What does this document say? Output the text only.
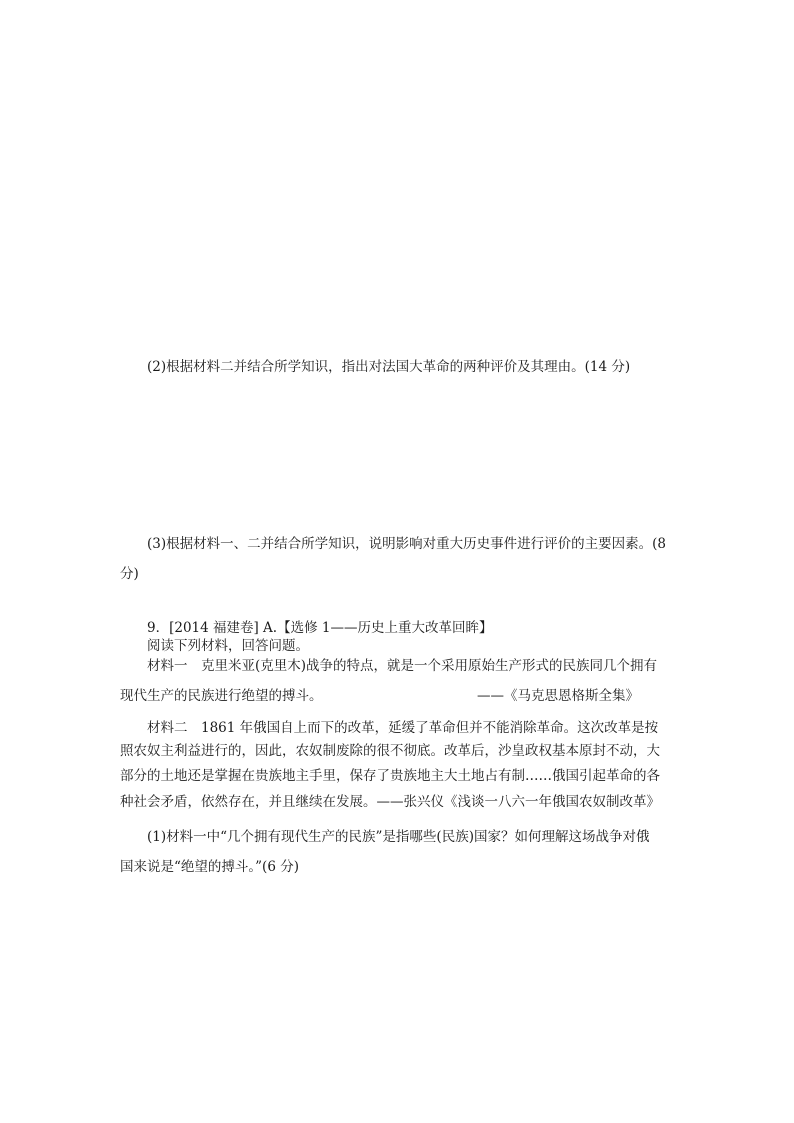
(2)根据材料二并结合所学知识，指出对法国大革命的两种评价及其理由。(14 分)
(3)根据材料一、二并结合所学知识，说明影响对重大历史事件进行评价的主要因素。(8
分)
9．[2014 福建卷] A.【选修 1——历史上重大改革回眸】
阅读下列材料，回答问题。
材料一　克里米亚(克里木)战争的特点，就是一个采用原始生产形式的民族同几个拥有
现代生产的民族进行绝望的搏斗。	——《马克思恩格斯全集》
材料二　1861 年俄国自上而下的改革，延缓了革命但并不能消除革命。这次改革是按
照农奴主利益进行的，因此，农奴制废除的很不彻底。改革后，沙皇政权基本原封不动，大
部分的土地还是掌握在贵族地主手里，保存了贵族地主大土地占有制……俄国引起革命的各
种社会矛盾，依然存在，并且继续在发展。——张兴仪《浅谈一八六一年俄国农奴制改革》
(1)材料一中“几个拥有现代生产的民族”是指哪些(民族)国家？如何理解这场战争对俄
国来说是“绝望的搏斗。”(6 分)
